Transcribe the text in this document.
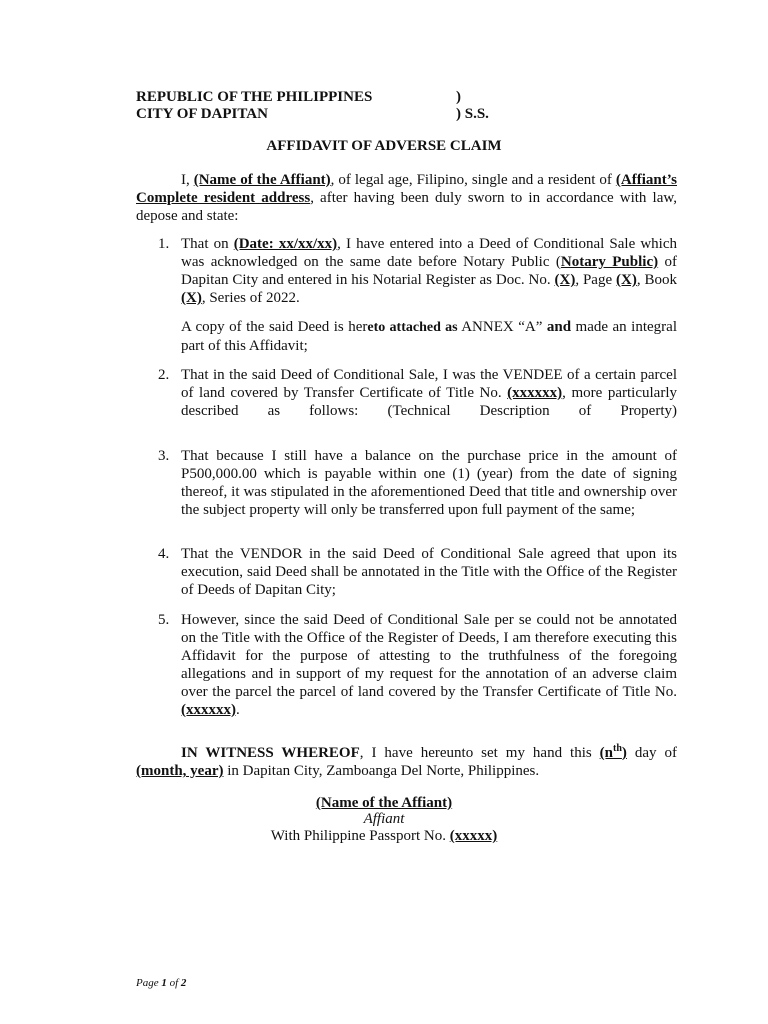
REPUBLIC OF THE PHILIPPINES	)
CITY OF DAPITAN	) S.S.
AFFIDAVIT OF ADVERSE CLAIM
I, (Name of the Affiant), of legal age, Filipino, single and a resident of (Affiant’s Complete resident address, after having been duly sworn to in accordance with law, depose and state:
1. That on (Date: xx/xx/xx), I have entered into a Deed of Conditional Sale which was acknowledged on the same date before Notary Public (Notary Public) of Dapitan City and entered in his Notarial Register as Doc. No. (X), Page (X), Book (X), Series of 2022.
A copy of the said Deed is hereto attached as ANNEX “A” and made an integral part of this Affidavit;
2. That in the said Deed of Conditional Sale, I was the VENDEE of a certain parcel of land covered by Transfer Certificate of Title No. (xxxxxx), more particularly described as follows: (Technical Description of Property)
3. That because I still have a balance on the purchase price in the amount of P500,000.00 which is payable within one (1) (year) from the date of signing thereof, it was stipulated in the aforementioned Deed that title and ownership over the subject property will only be transferred upon full payment of the same;
4. That the VENDOR in the said Deed of Conditional Sale agreed that upon its execution, said Deed shall be annotated in the Title with the Office of the Register of Deeds of Dapitan City;
5. However, since the said Deed of Conditional Sale per se could not be annotated on the Title with the Office of the Register of Deeds, I am therefore executing this Affidavit for the purpose of attesting to the truthfulness of the foregoing allegations and in support of my request for the annotation of an adverse claim over the parcel the parcel of land covered by the Transfer Certificate of Title No. (xxxxxx).
IN WITNESS WHEREOF, I have hereunto set my hand this $(n^{th})$ day of (month, year) in Dapitan City, Zamboanga Del Norte, Philippines.
(Name of the Affiant)
Affiant
With Philippine Passport No. (xxxxx)
Page 1 of 2
